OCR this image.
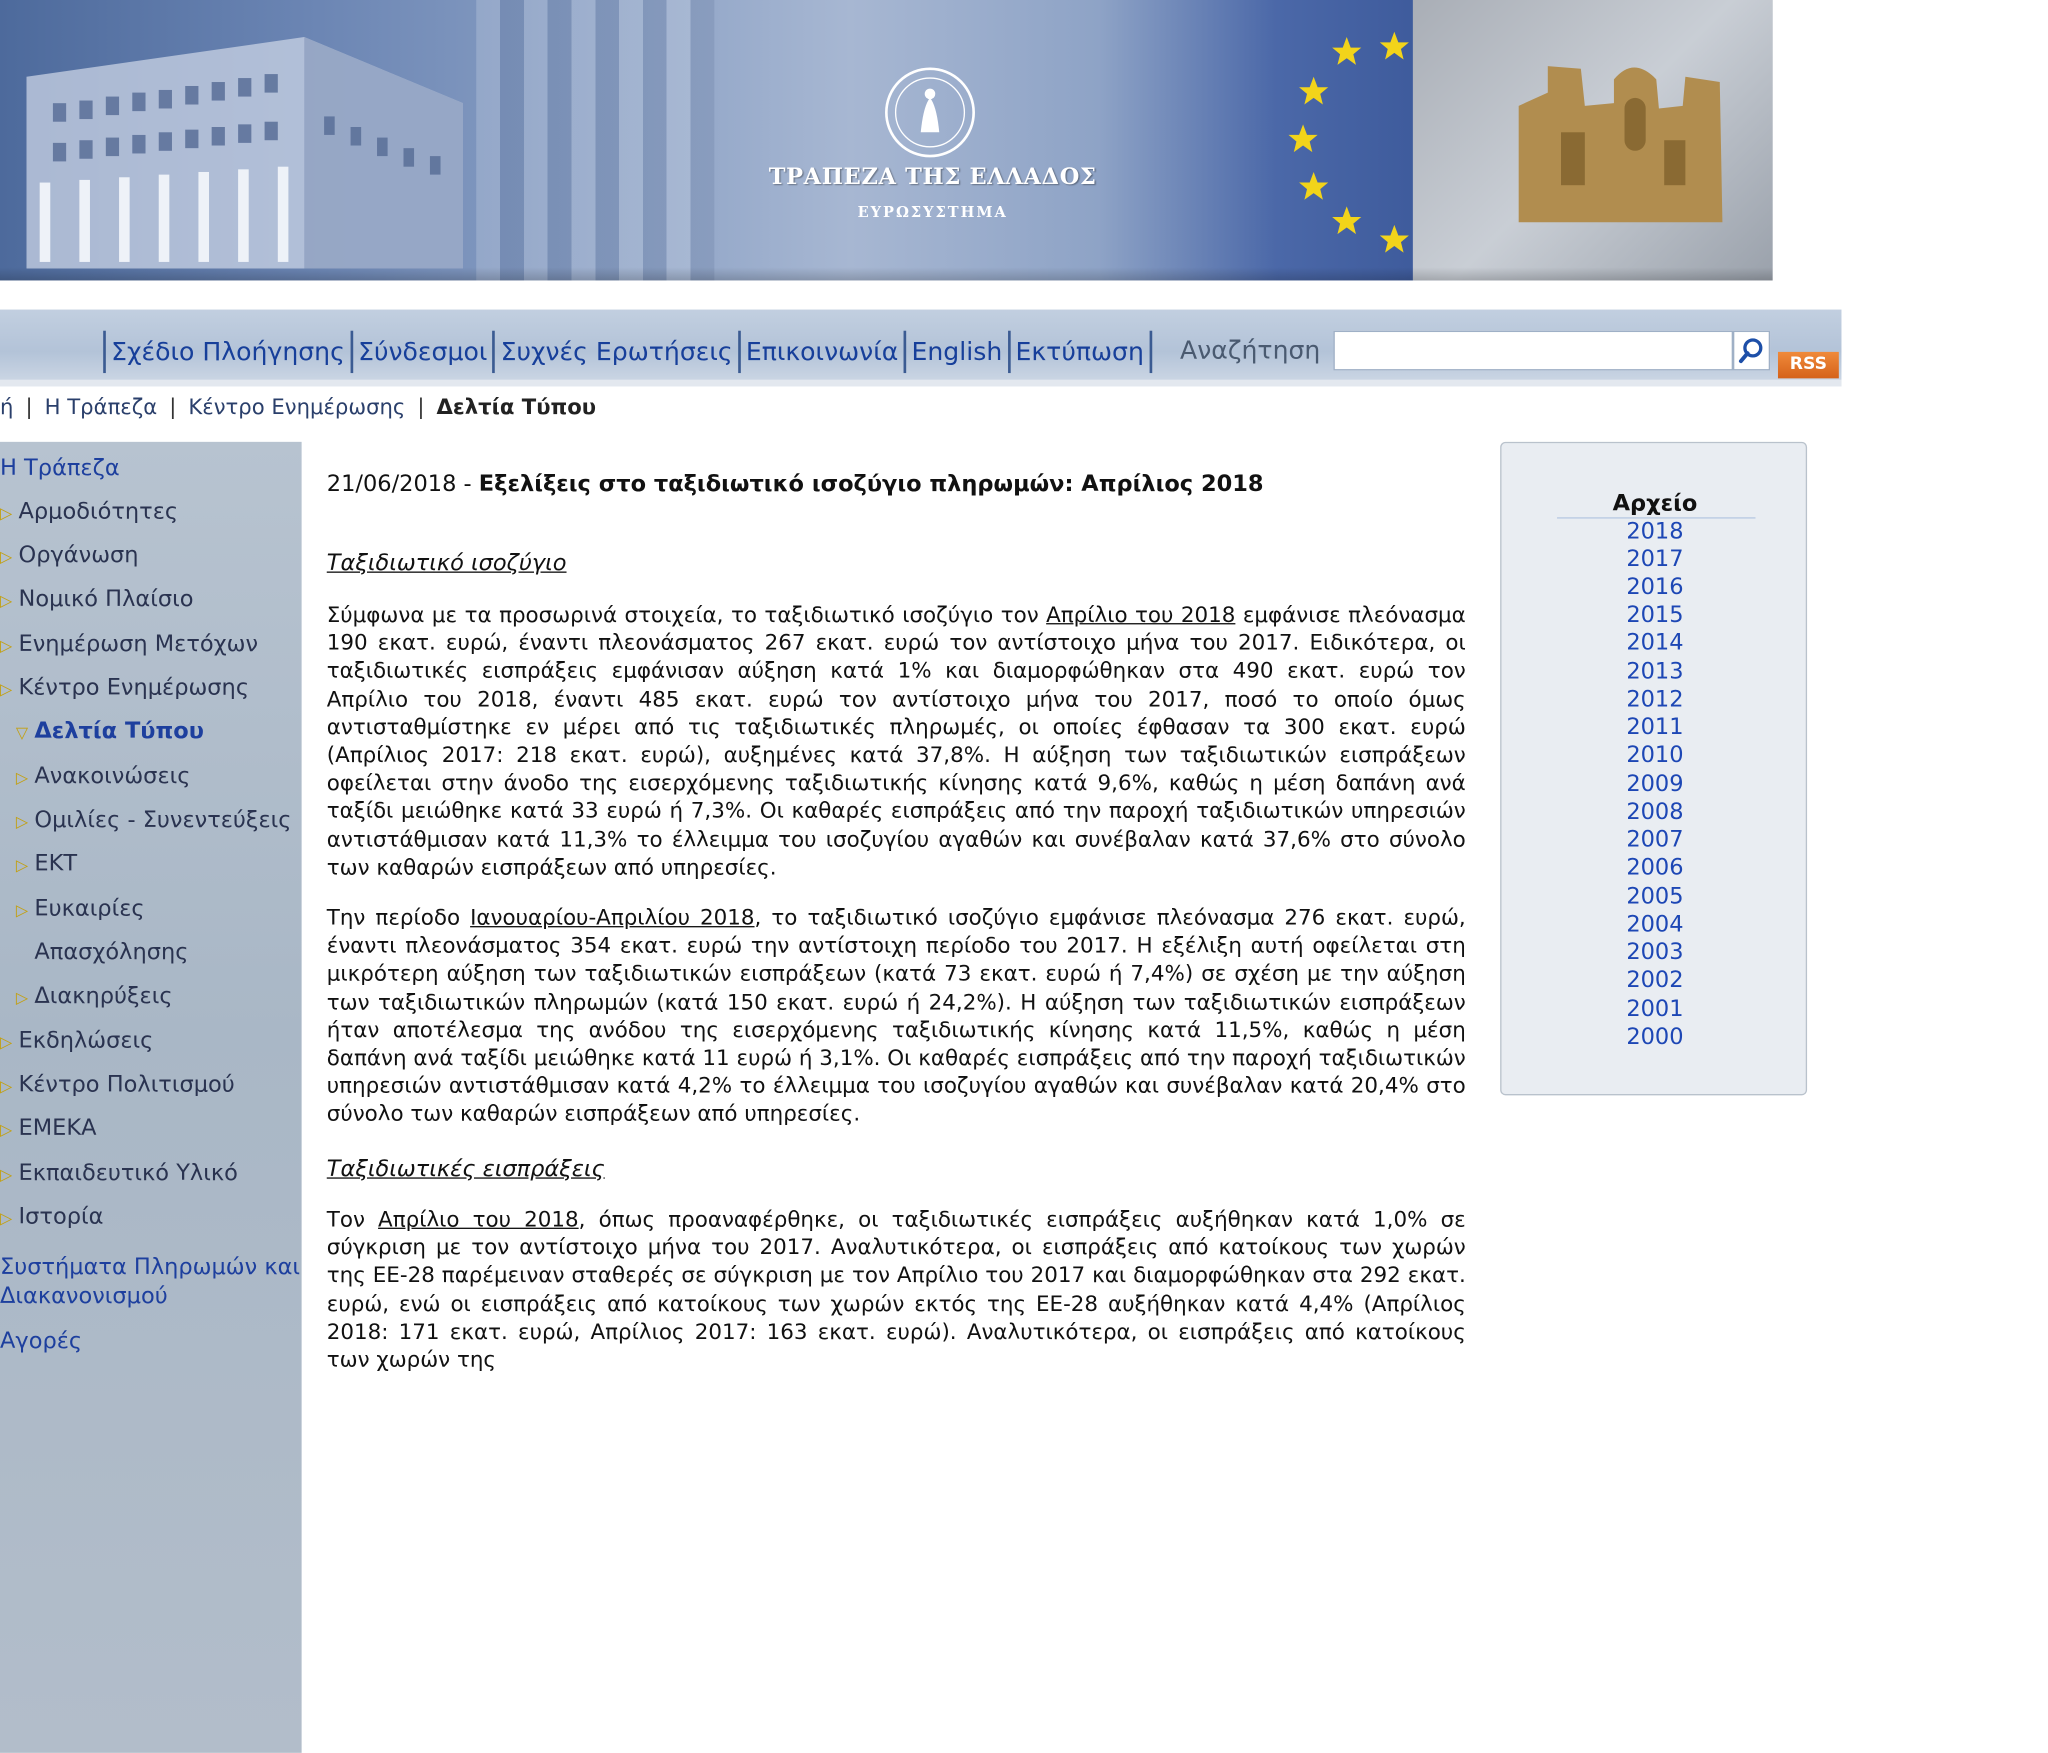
ΤΡΑΠΕΖΑ ΤΗΣ ΕΛΛΑΔΟΣ
ΕΥΡΩΣΥΣΤΗΜΑ
Σχέδιο Πλοήγησης Σύνδεσμοι Συχνές Ερωτήσεις Επικοινωνία English Εκτύπωση Αναζήτηση	RSS
ή | Η Τράπεζα | Κέντρο Ενημέρωσης | Δελτία Τύπου
Η Τράπεζα
▷ Αρμοδιότητες
▷ Οργάνωση
▷ Νομικό Πλαίσιο
▷ Ενημέρωση Μετόχων
▷ Κέντρο Ενημέρωσης
▽ Δελτία Τύπου
▷ Ανακοινώσεις
▷ Ομιλίες - Συνεντεύξεις
▷ ΕΚΤ
▷ Ευκαιρίες
Απασχόλησης
▷ Διακηρύξεις
▷ Εκδηλώσεις
▷ Κέντρο Πολιτισμού
▷ ΕΜΕΚΑ
▷ Εκπαιδευτικό Υλικό
▷ Ιστορία
Συστήματα Πληρωμών και
Διακανονισμού
Αγορές
21/06/2018 - Εξελίξεις στο ταξιδιωτικό ισοζύγιο πληρωμών: Απρίλιος 2018
Ταξιδιωτικό ισοζύγιο
Σύμφωνα με τα προσωρινά στοιχεία, το ταξιδιωτικό ισοζύγιο τον Απρίλιο του 2018 εμφάνισε πλεόνασμα 190 εκατ. ευρώ, έναντι πλεονάσματος 267 εκατ. ευρώ τον αντίστοιχο μήνα του 2017. Ειδικότερα, οι ταξιδιωτικές εισπράξεις εμφάνισαν αύξηση κατά 1% και διαμορφώθηκαν στα 490 εκατ. ευρώ τον Απρίλιο του 2018, έναντι 485 εκατ. ευρώ τον αντίστοιχο μήνα του 2017, ποσό το οποίο όμως αντισταθμίστηκε εν μέρει από τις ταξιδιωτικές πληρωμές, οι οποίες έφθασαν τα 300 εκατ. ευρώ (Απρίλιος 2017: 218 εκατ. ευρώ), αυξημένες κατά 37,8%. Η αύξηση των ταξιδιωτικών εισπράξεων οφείλεται στην άνοδο της εισερχόμενης ταξιδιωτικής κίνησης κατά 9,6%, καθώς η μέση δαπάνη ανά ταξίδι μειώθηκε κατά 33 ευρώ ή 7,3%. Οι καθαρές εισπράξεις από την παροχή ταξιδιωτικών υπηρεσιών αντιστάθμισαν κατά 11,3% το έλλειμμα του ισοζυγίου αγαθών και συνέβαλαν κατά 37,6% στο σύνολο των καθαρών εισπράξεων από υπηρεσίες.
Την περίοδο Ιανουαρίου-Απριλίου 2018, το ταξιδιωτικό ισοζύγιο εμφάνισε πλεόνασμα 276 εκατ. ευρώ, έναντι πλεονάσματος 354 εκατ. ευρώ την αντίστοιχη περίοδο του 2017. Η εξέλιξη αυτή οφείλεται στη μικρότερη αύξηση των ταξιδιωτικών εισπράξεων (κατά 73 εκατ. ευρώ ή 7,4%) σε σχέση με την αύξηση των ταξιδιωτικών πληρωμών (κατά 150 εκατ. ευρώ ή 24,2%). Η αύξηση των ταξιδιωτικών εισπράξεων ήταν αποτέλεσμα της ανόδου της εισερχόμενης ταξιδιωτικής κίνησης κατά 11,5%, καθώς η μέση δαπάνη ανά ταξίδι μειώθηκε κατά 11 ευρώ ή 3,1%. Οι καθαρές εισπράξεις από την παροχή ταξιδιωτικών υπηρεσιών αντιστάθμισαν κατά 4,2% το έλλειμμα του ισοζυγίου αγαθών και συνέβαλαν κατά 20,4% στο σύνολο των καθαρών εισπράξεων από υπηρεσίες.
Ταξιδιωτικές εισπράξεις
Τον Απρίλιο του 2018, όπως προαναφέρθηκε, οι ταξιδιωτικές εισπράξεις αυξήθηκαν κατά 1,0% σε σύγκριση με τον αντίστοιχο μήνα του 2017. Αναλυτικότερα, οι εισπράξεις από κατοίκους των χωρών της ΕΕ-28 παρέμειναν σταθερές σε σύγκριση με τον Απρίλιο του 2017 και διαμορφώθηκαν στα 292 εκατ. ευρώ, ενώ οι εισπράξεις από κατοίκους των χωρών εκτός της ΕΕ-28 αυξήθηκαν κατά 4,4% (Απρίλιος 2018: 171 εκατ. ευρώ, Απρίλιος 2017: 163 εκατ. ευρώ). Αναλυτικότερα, οι εισπράξεις από κατοίκους των χωρών της
Αρχείο
2018
2017
2016
2015
2014
2013
2012
2011
2010
2009
2008
2007
2006
2005
2004
2003
2002
2001
2000
